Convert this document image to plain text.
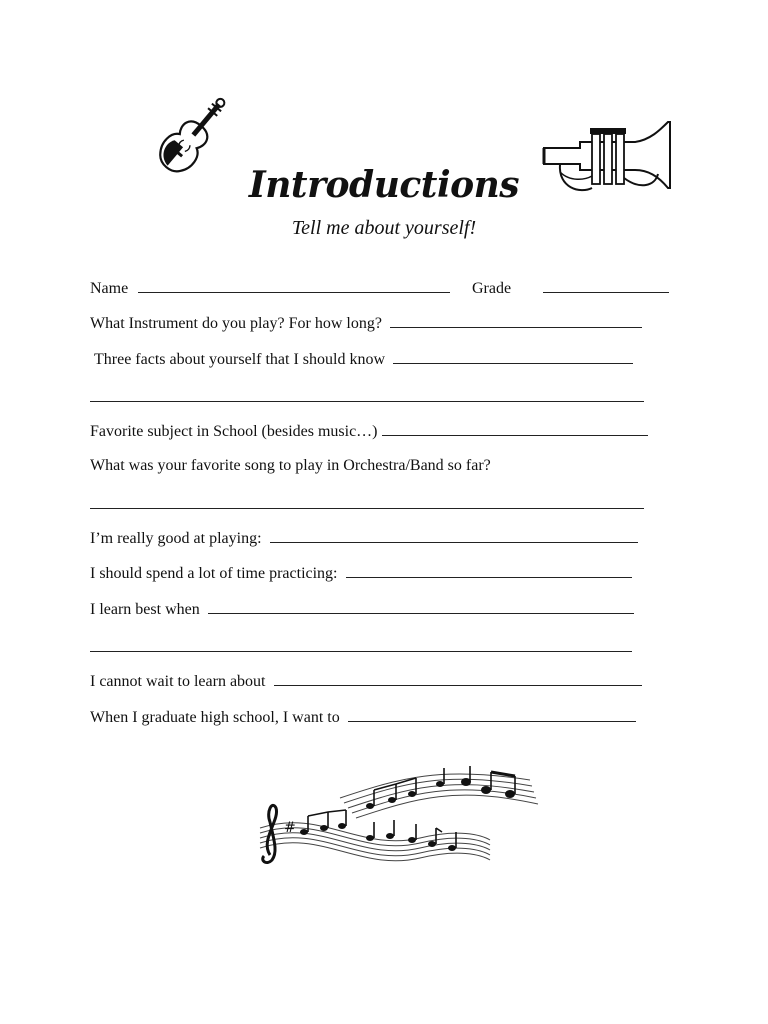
Introductions
Tell me about yourself!
Name	Grade
What Instrument do you play? For how long?
Three facts about yourself that I should know
Favorite subject in School (besides music…)
What was your favorite song to play in Orchestra/Band so far?
I’m really good at playing:
I should spend a lot of time practicing:
I learn best when
I cannot wait to learn about
When I graduate high school, I want to
#
